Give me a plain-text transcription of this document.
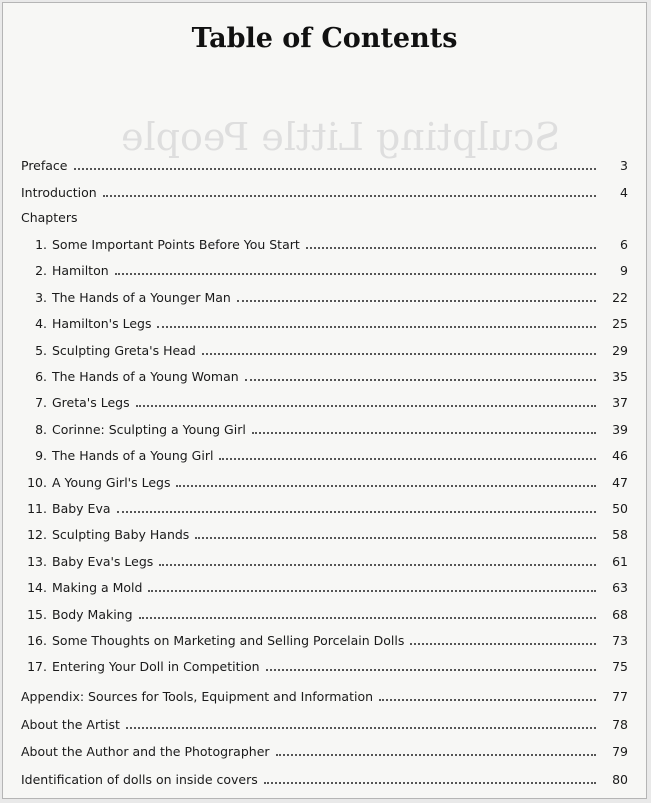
Sculpting Little People
Table of Contents
Preface	3
Introduction	4
Chapters
1. Some Important Points Before You Start	6
2. Hamilton	9
3. The Hands of a Younger Man	22
4. Hamilton's Legs	25
5. Sculpting Greta's Head	29
6. The Hands of a Young Woman	35
7. Greta's Legs	37
8. Corinne: Sculpting a Young Girl	39
9. The Hands of a Young Girl	46
10. A Young Girl's Legs	47
11. Baby Eva	50
12. Sculpting Baby Hands	58
13. Baby Eva's Legs	61
14. Making a Mold	63
15. Body Making	68
16. Some Thoughts on Marketing and Selling Porcelain Dolls	73
17. Entering Your Doll in Competition	75
Appendix: Sources for Tools, Equipment and Information	77
About the Artist	78
About the Author and the Photographer	79
Identification of dolls on inside covers	80
